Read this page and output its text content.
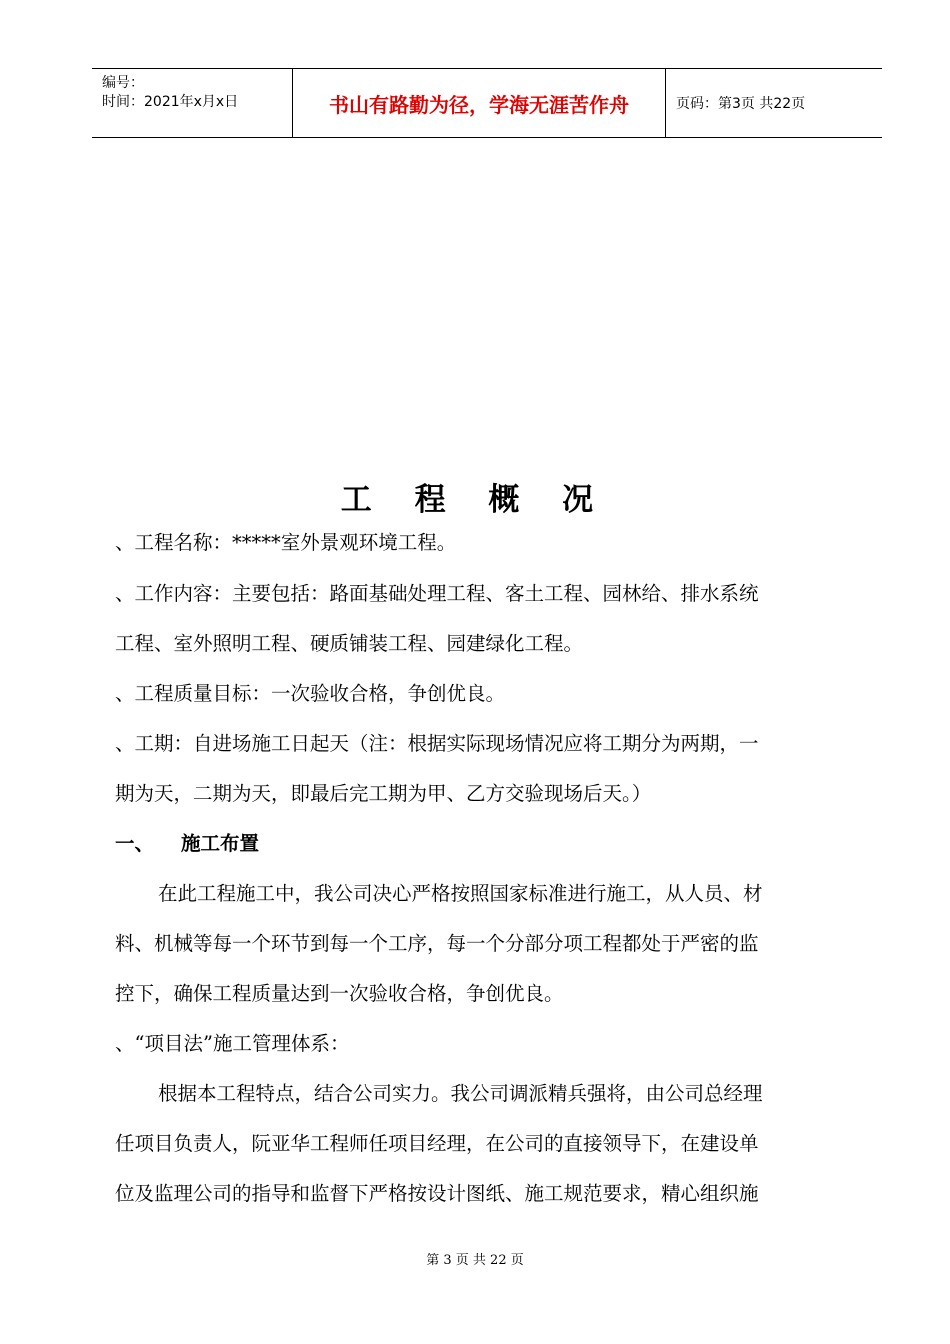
编号：
时间：2021年x月x日	书山有路勤为径，学海无涯苦作舟	页码：第3页 共22页
工 程 概 况
、工程名称：*****室外景观环境工程。
、工作内容：主要包括：路面基础处理工程、客土工程、园林给、排水系统
工程、室外照明工程、硬质铺装工程、园建绿化工程。
、工程质量目标：一次验收合格，争创优良。
、工期：自进场施工日起天（注：根据实际现场情况应将工期分为两期，一
期为天，二期为天，即最后完工期为甲、乙方交验现场后天。）
一、 施工布置
在此工程施工中，我公司决心严格按照国家标准进行施工，从人员、材
料、机械等每一个环节到每一个工序，每一个分部分项工程都处于严密的监
控下，确保工程质量达到一次验收合格，争创优良。
、“项目法”施工管理体系：
根据本工程特点，结合公司实力。我公司调派精兵强将，由公司总经理
任项目负责人，阮亚华工程师任项目经理，在公司的直接领导下，在建设单
位及监理公司的指导和监督下严格按设计图纸、施工规范要求，精心组织施
第 3 页 共 22 页
